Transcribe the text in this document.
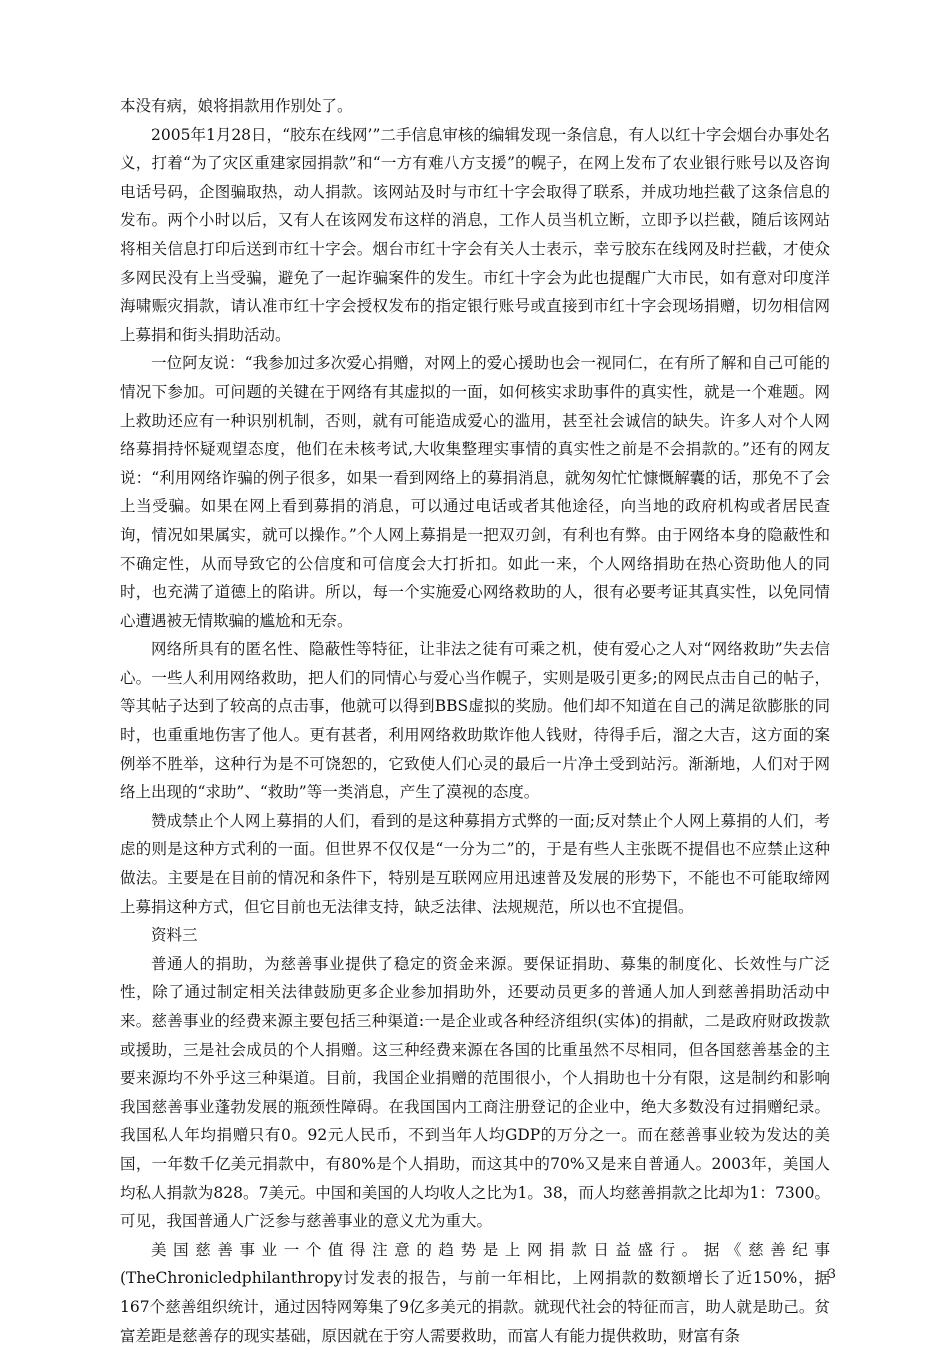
本没有病，娘将捐款用作别处了。

2005年1月28日，“胶东在线网’”二手信息审核的编辑发现一条信息，有人以红十字会烟台办事处名义，打着“为了灾区重建家园捐款”和“一方有难八方支援”的幌子，在网上发布了农业银行账号以及咨询电话号码，企图骗取热，动人捐款。该网站及时与市红十字会取得了联系，并成功地拦截了这条信息的发布。两个小时以后，又有人在该网发布这样的消息，工作人员当机立断，立即予以拦截，随后该网站将相关信息打印后送到市红十字会。烟台市红十字会有关人士表示，幸亏胶东在线网及时拦截，才使众多网民没有上当受骗，避免了一起诈骗案件的发生。市红十字会为此也提醒广大市民，如有意对印度洋海啸赈灾捐款，请认准市红十字会授权发布的指定银行账号或直接到市红十字会现场捐赠，切勿相信网上募捐和街头捐助活动。

一位阿友说：“我参加过多次爱心捐赠，对网上的爱心援助也会一视同仁，在有所了解和自己可能的情况下参加。可问题的关键在于网络有其虚拟的一面，如何核实求助事件的真实性，就是一个难题。网上救助还应有一种识别机制，否则，就有可能造成爱心的滥用，甚至社会诚信的缺失。许多人对个人网络募捐持怀疑观望态度，他们在未核考试,大收集整理实事情的真实性之前是不会捐款的。”还有的网友说：“利用网络诈骗的例子很多，如果一看到网络上的募捐消息，就匆匆忙忙慷慨解囊的话，那免不了会上当受骗。如果在网上看到募捐的消息，可以通过电话或者其他途径，向当地的政府机构或者居民查询，情况如果属实，就可以操作。”个人网上募捐是一把双刃剑，有利也有弊。由于网络本身的隐蔽性和不确定性，从而导致它的公信度和可信度会大打折扣。如此一来，个人网络捐助在热心资助他人的同时，也充满了道德上的陷讲。所以，每一个实施爱心网络救助的人，很有必要考证其真实性，以免同情心遭遇被无情欺骗的尴尬和无奈。

网络所具有的匿名性、隐蔽性等特征，让非法之徒有可乘之机，使有爱心之人对“网络救助”失去信心。一些人利用网络救助，把人们的同情心与爱心当作幌子，实则是吸引更多;的网民点击自己的帖子，等其帖子达到了较高的点击事，他就可以得到BBS虚拟的奖励。他们却不知道在自己的满足欲膨胀的同时，也重重地伤害了他人。更有甚者，利用网络救助欺诈他人钱财，待得手后，溜之大吉，这方面的案例举不胜举，这种行为是不可饶恕的，它致使人们心灵的最后一片净土受到站污。渐渐地，人们对于网络上出现的“求助”、“救助”等一类消息，产生了漠视的态度。

赞成禁止个人网上募捐的人们，看到的是这种募捐方式弊的一面;反对禁止个人网上募捐的人们，考虑的则是这种方式利的一面。但世界不仅仅是“一分为二”的，于是有些人主张既不提倡也不应禁止这种做法。主要是在目前的情况和条件下，特别是互联网应用迅速普及发展的形势下，不能也不可能取缔网上募捐这种方式，但它目前也无法律支持，缺乏法律、法规规范，所以也不宜提倡。

资料三

普通人的捐助，为慈善事业提供了稳定的资金来源。要保证捐助、募集的制度化、长效性与广泛性，除了通过制定相关法律鼓励更多企业参加捐助外，还要动员更多的普通人加人到慈善捐助活动中来。慈善事业的经费来源主要包括三种渠道:一是企业或各种经济组织(实体)的捐献，二是政府财政拨款或援助，三是社会成员的个人捐赠。这三种经费来源在各国的比重虽然不尽相同，但各国慈善基金的主要来源均不外乎这三种渠道。目前，我国企业捐赠的范围很小，个人捐助也十分有限，这是制约和影响我国慈善事业蓬勃发展的瓶颈性障碍。在我国国内工商注册登记的企业中，绝大多数没有过捐赠纪录。我国私人年均捐赠只有0。92元人民币，不到当年人均GDP的万分之一。而在慈善事业较为发达的美国，一年数千亿美元捐款中，有80%是个人捐助，而这其中的70%又是来自普通人。2003年，美国人均私人捐款为828。7美元。中国和美国的人均收人之比为1。38，而人均慈善捐款之比却为1：7300。可见，我国普通人广泛参与慈善事业的意义尤为重大。

美国慈善事业一个值得注意的趋势是上网捐款日益盛行。据《慈善纪事(TheChronicledphilanthropy讨发表的报告，与前一年相比，上网捐款的数额增长了近150%，据167个慈善组织统计，通过因特网筹集了9亿多美元的捐款。就现代社会的特征而言，助人就是助己。贫富差距是慈善存的现实基础，原因就在于穷人需要救助，而富人有能力提供救助，财富有条

3
